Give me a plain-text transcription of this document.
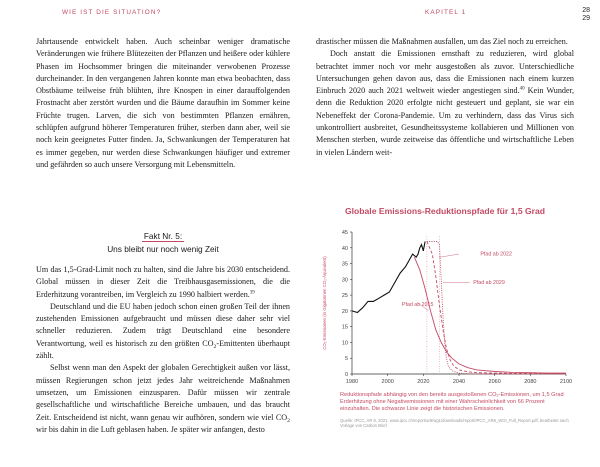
WIE IST DIE SITUATION?	KAPITEL 1	28
29

Jahrtausende entwickelt haben. Auch scheinbar weniger dramatische Veränderungen wie frühere Blütezeiten der Pflanzen und heißere oder kühlere Phasen im Hochsommer bringen die miteinander verwobenen Prozesse durcheinander. In den vergangenen Jahren konnte man etwa beobachten, dass Obstbäume teilweise früh blühten, ihre Knospen in einer darauffolgenden Frostnacht aber zerstört wurden und die Bäume daraufhin im Sommer keine Früchte trugen. Larven, die sich von bestimmten Pflanzen ernähren, schlüpfen aufgrund höherer Temperaturen früher, sterben dann aber, weil sie noch kein geeignetes Futter finden. Ja, Schwankungen der Temperaturen hat es immer gegeben, nur werden diese Schwankungen häufiger und extremer und gefährden so auch unsere Versorgung mit Lebensmitteln.

Fakt Nr. 5:
Uns bleibt nur noch wenig Zeit

Um das 1,5-Grad-Limit noch zu halten, sind die Jahre bis 2030 entscheidend. Global müssen in dieser Zeit die Treibhausgasemissionen, die die Erderhitzung vorantreiben, im Vergleich zu 1990 halbiert werden.$^{39}$

Deutschland und die EU haben jedoch schon einen großen Teil der ihnen zustehenden Emissionen aufgebraucht und müssen diese daher sehr viel schneller reduzieren. Zudem trägt Deutschland eine besondere Verantwortung, weil es historisch zu den größten $CO_2$-Emittenten überhaupt zählt.

Selbst wenn man den Aspekt der globalen Gerechtigkeit außen vor lässt, müssen Regierungen schon jetzt jedes Jahr weitreichende Maßnahmen umsetzen, um Emissionen einzusparen. Dafür müssen wir zentrale gesellschaftliche und wirtschaftliche Bereiche umbauen, und das braucht Zeit. Entscheidend ist nicht, wann genau wir aufhören, sondern wie viel $CO_2$ wir bis dahin in die Luft geblasen haben. Je später wir anfangen, desto

drastischer müssen die Maßnahmen ausfallen, um das Ziel noch zu erreichen.

Doch anstatt die Emissionen ernsthaft zu reduzieren, wird global betrachtet immer noch vor mehr ausgestoßen als zuvor. Unterschiedliche Untersuchungen gehen davon aus, dass die Emissionen nach einem kurzen Einbruch 2020 auch 2021 weltweit wieder angestiegen sind.$^{40}$ Kein Wunder, denn die Reduktion 2020 erfolgte nicht gesteuert und geplant, sie war ein Nebeneffekt der Corona-Pandemie. Um zu verhindern, dass das Virus sich unkontrolliert ausbreitet, Gesundheitssysteme kollabieren und Millionen von Menschen sterben, wurde zeitweise das öffentliche und wirtschaftliche Leben in vielen Ländern weit-

Globale Emissions-Reduktionspfade für 1,5 Grad
0
5
10
15
20
25
30
35
40
45
1980	2000	2020	2040	2060	2080	2100
CO₂-Emissionen (in Gigatonnen CO₂-Äquivalent)
Pfad ab 2022
Pfad ab 2029
Pfad ab 2015
Reduktionspfade abhängig von den bereits ausgestoßenen CO₂-Emissionen, um 1,5 Grad Erderhitzung ohne Negativemissionen mit einer Wahrscheinlichkeit von 66 Prozent einzuhalten. Die schwarze Linie zeigt die historischen Emissionen.
Quelle: IPCC, AR 6, 2021: www.ipcc.ch/report/ar6/wg1/downloads/report/IPCC_AR6_WGI_Full_Report.pdf, bearbeitet nach Vorlage von Carbon Brief
